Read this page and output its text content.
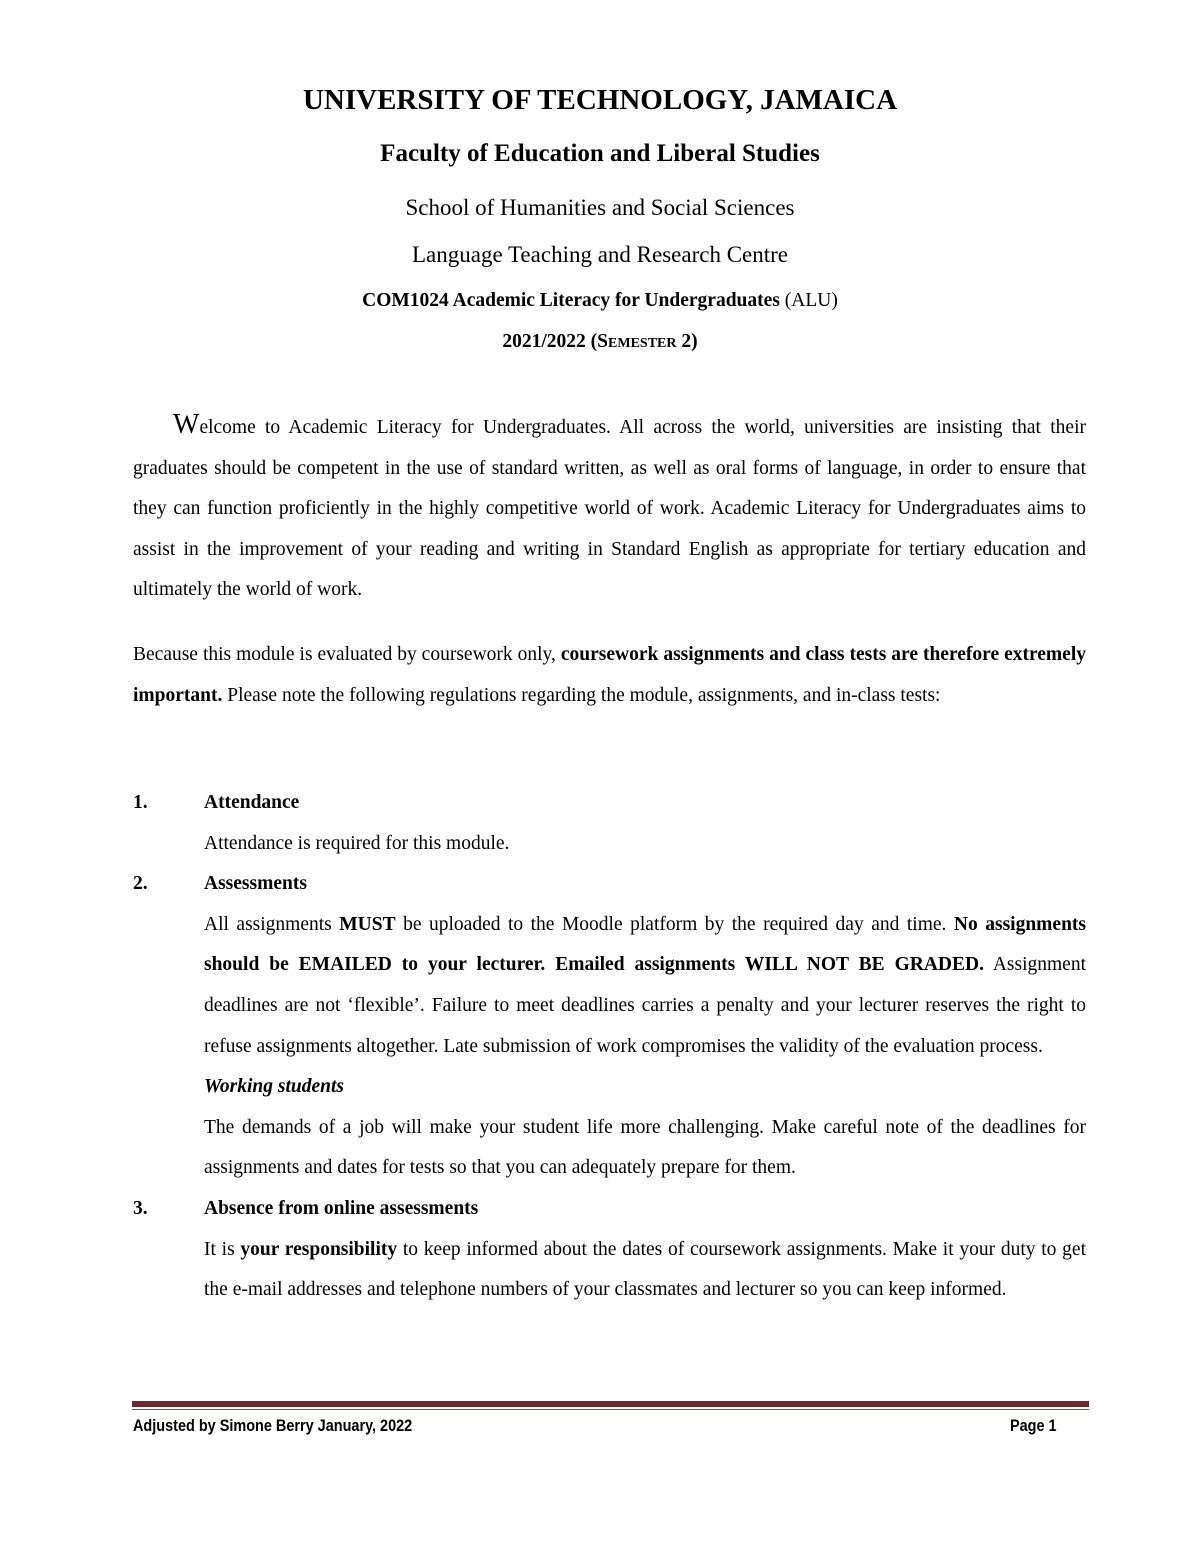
UNIVERSITY OF TECHNOLOGY, JAMAICA
Faculty of Education and Liberal Studies
School of Humanities and Social Sciences
Language Teaching and Research Centre
COM1024 Academic Literacy for Undergraduates (ALU)
2021/2022 (Semester 2)
Welcome to Academic Literacy for Undergraduates. All across the world, universities are insisting that their graduates should be competent in the use of standard written, as well as oral forms of language, in order to ensure that they can function proficiently in the highly competitive world of work. Academic Literacy for Undergraduates aims to assist in the improvement of your reading and writing in Standard English as appropriate for tertiary education and ultimately the world of work.
Because this module is evaluated by coursework only, coursework assignments and class tests are therefore extremely important. Please note the following regulations regarding the module, assignments, and in-class tests:
1.	Attendance
Attendance is required for this module.
2.	Assessments
All assignments MUST be uploaded to the Moodle platform by the required day and time. No assignments should be EMAILED to your lecturer. Emailed assignments WILL NOT BE GRADED. Assignment deadlines are not ‘flexible’. Failure to meet deadlines carries a penalty and your lecturer reserves the right to refuse assignments altogether. Late submission of work compromises the validity of the evaluation process.
Working students
The demands of a job will make your student life more challenging. Make careful note of the deadlines for assignments and dates for tests so that you can adequately prepare for them.
3.	Absence from online assessments
It is your responsibility to keep informed about the dates of coursework assignments. Make it your duty to get the e-mail addresses and telephone numbers of your classmates and lecturer so you can keep informed.
Adjusted by Simone Berry January, 2022	Page 1
